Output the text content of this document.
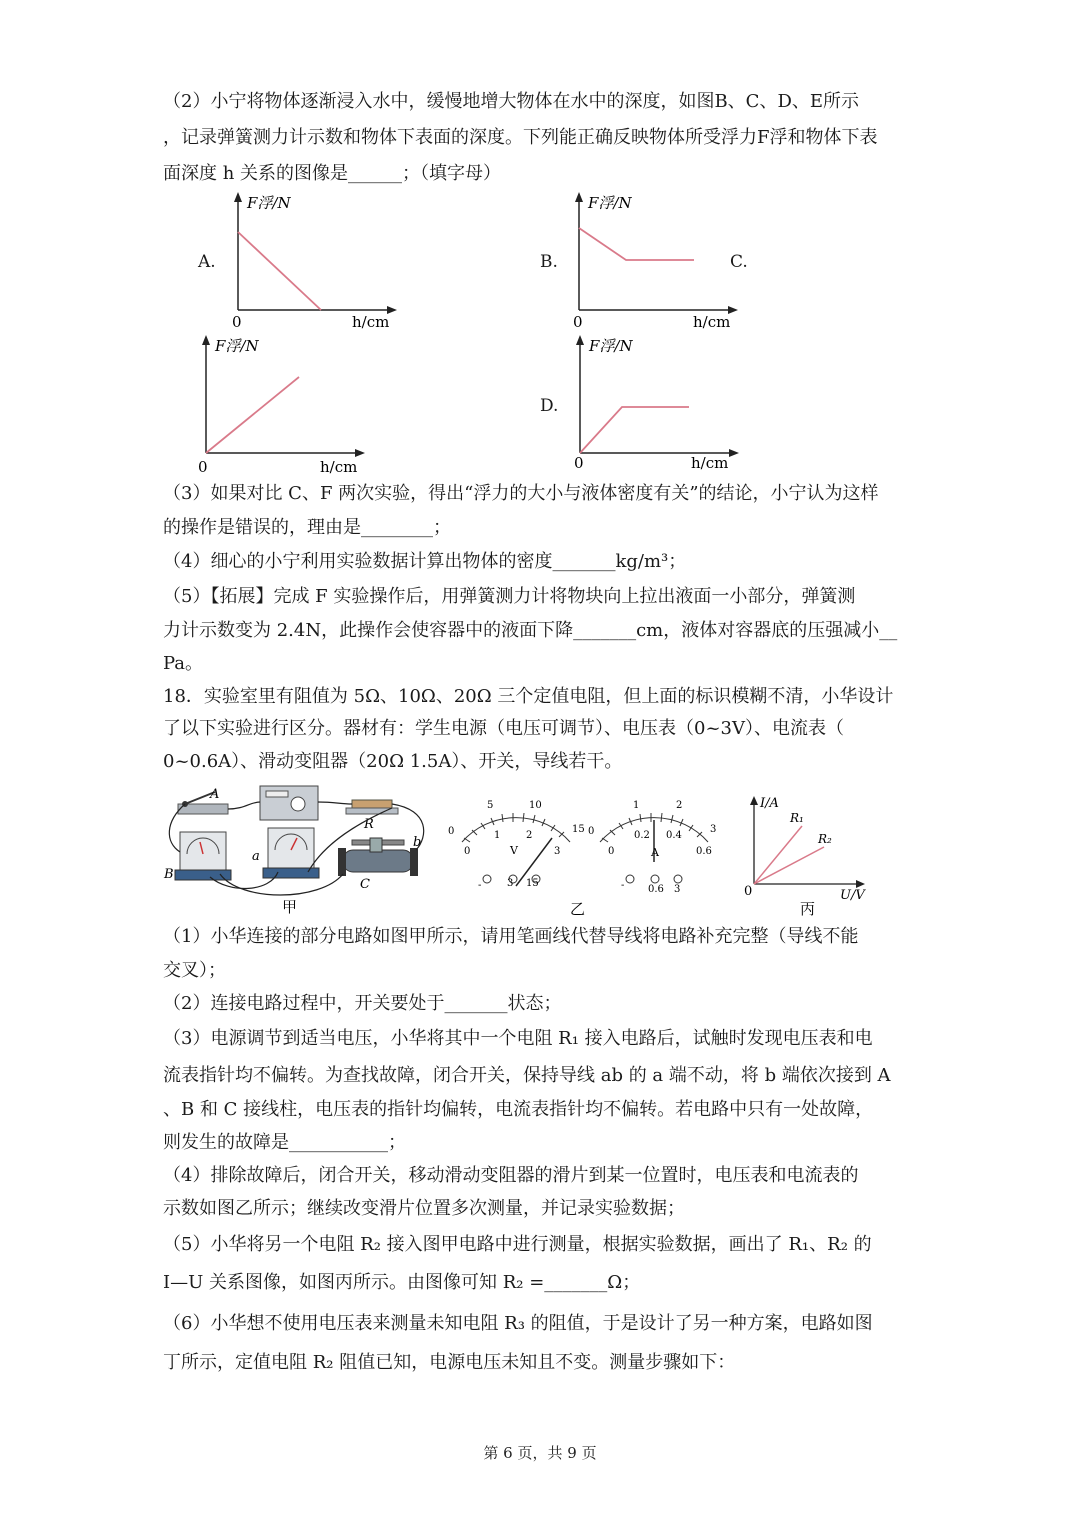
（2）小宁将物体逐渐浸入水中，缓慢地增大物体在水中的深度，如图B、C、D、E所示
，记录弹簧测力计示数和物体下表面的深度。下列能正确反映物体所受浮力F浮和物体下表
面深度 h 关系的图像是______；（填字母）
A.
F浮/N
0	h/cm
B.
F浮/N
0	h/cm
C.
F浮/N
0	h/cm
D.
F浮/N
0	h/cm
（3）如果对比 C、F 两次实验，得出“浮力的大小与液体密度有关”的结论，小宁认为这样
的操作是错误的，理由是________；
（4）细心的小宁利用实验数据计算出物体的密度_______kg/m³；
（5）【拓展】完成 F 实验操作后，用弹簧测力计将物块向上拉出液面一小部分，弹簧测
力计示数变为 2.4N，此操作会使容器中的液面下降_______cm，液体对容器底的压强减小__
Pa。
18．实验室里有阻值为 5Ω、10Ω、20Ω 三个定值电阻，但上面的标识模糊不清，小华设计
了以下实验进行区分。器材有：学生电源（电压可调节）、电压表（0~3V）、电流表（
0~0.6A）、滑动变阻器（20Ω 1.5A）、开关，导线若干。
A
R
B
a
b
C
甲
0
5	10
15
0
1	2
3
V
-	3 15
0
1	2
3
0
0.2 0.4
0.6
A
- 0.6 3
乙
I/A
R₁
R₂
0	U/V
丙
（1）小华连接的部分电路如图甲所示，请用笔画线代替导线将电路补充完整（导线不能
交叉）；
（2）连接电路过程中，开关要处于_______状态；
（3）电源调节到适当电压，小华将其中一个电阻 R₁ 接入电路后，试触时发现电压表和电
流表指针均不偏转。为查找故障，闭合开关，保持导线 ab 的 a 端不动，将 b 端依次接到 A
、B 和 C 接线柱，电压表的指针均偏转，电流表指针均不偏转。若电路中只有一处故障，
则发生的故障是___________；
（4）排除故障后，闭合开关，移动滑动变阻器的滑片到某一位置时，电压表和电流表的
示数如图乙所示；继续改变滑片位置多次测量，并记录实验数据；
（5）小华将另一个电阻 R₂ 接入图甲电路中进行测量，根据实验数据，画出了 R₁、R₂ 的
I—U 关系图像，如图丙所示。由图像可知 R₂ =_______Ω；
（6）小华想不使用电压表来测量未知电阻 R₃ 的阻值，于是设计了另一种方案，电路如图
丁所示，定值电阻 R₂ 阻值已知，电源电压未知且不变。测量步骤如下：
第 6 页，共 9 页
